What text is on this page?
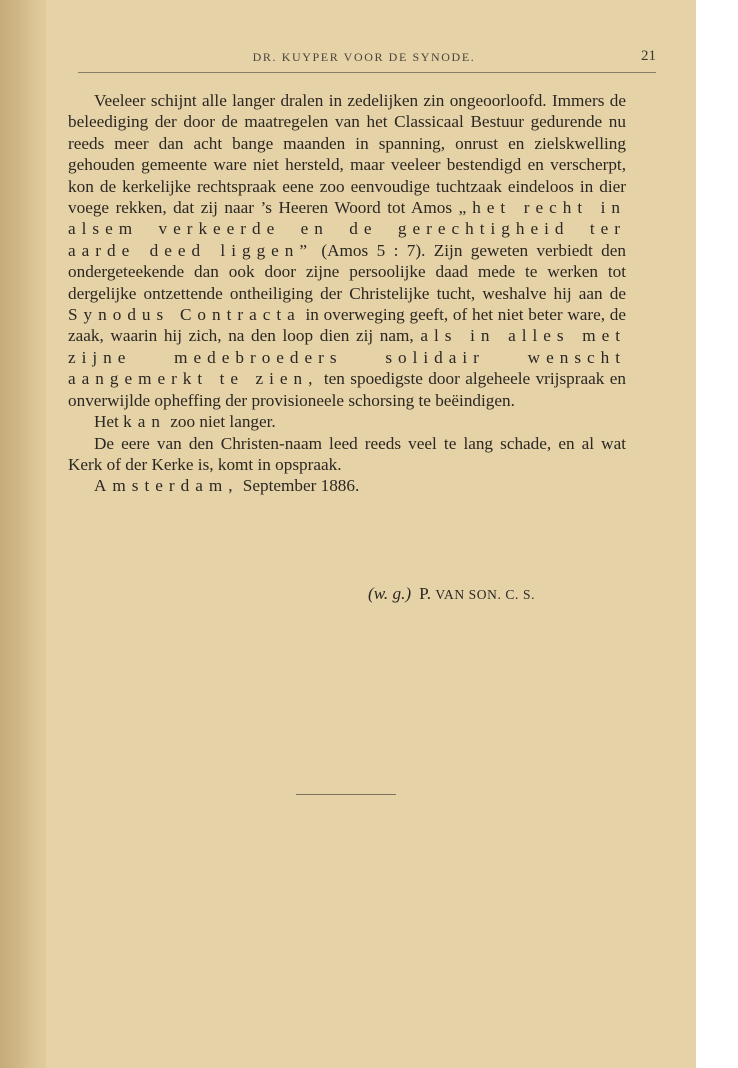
DR. KUYPER VOOR DE SYNODE.	21

Veeleer schijnt alle langer dralen in zedelijken zin ongeoorloofd. Immers de beleediging der door de maatregelen van het Classicaal Bestuur gedurende nu reeds meer dan acht bange maanden in spanning, onrust en zielskwelling gehouden gemeente ware niet hersteld, maar veeleer bestendigd en verscherpt, kon de kerkelijke rechtspraak eene zoo eenvoudige tuchtzaak eindeloos in dier voege rekken, dat zij naar ’s Heeren Woord tot Amos „het recht in alsem verkeerde en de gerechtigheid ter aarde deed liggen” (Amos 5 : 7). Zijn geweten verbiedt den ondergeteekende dan ook door zijne persoolijke daad mede te werken tot dergelijke ontzettende ontheiliging der Christelijke tucht, weshalve hij aan de Synodus Contracta in overweging geeft, of het niet beter ware, de zaak, waarin hij zich, na den loop dien zij nam, als in alles met zijne medebroeders solidair wenscht aangemerkt te zien, ten spoedigste door algeheele vrijspraak en onverwijlde opheffing der provisioneele schorsing te beëindigen.

Het kan zoo niet langer.

De eere van den Christen-naam leed reeds veel te lang schade, en al wat Kerk of der Kerke is, komt in opspraak.

Amsterdam, September 1886.

(w. g.) P. VAN SON. C. S.
